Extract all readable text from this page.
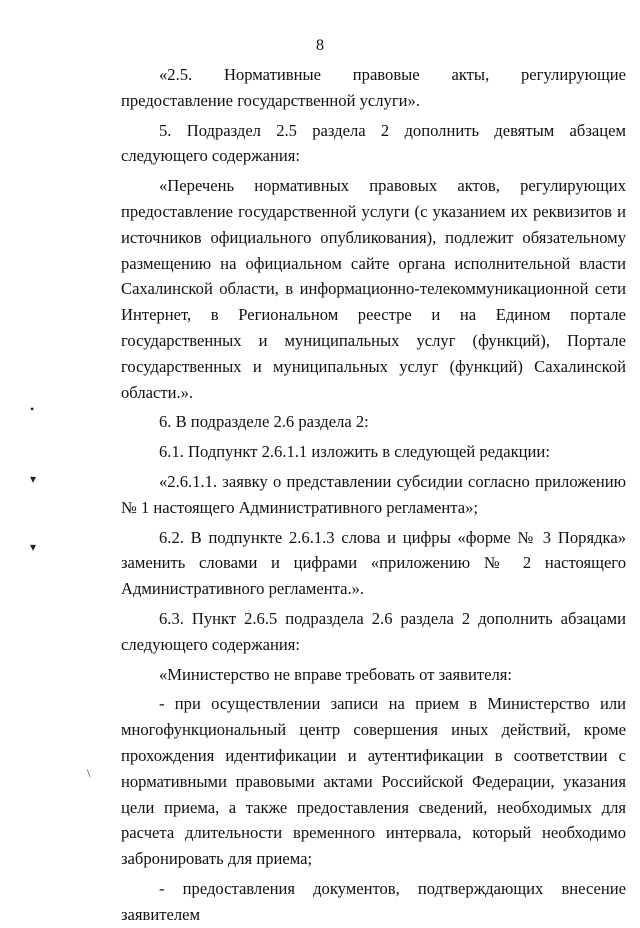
8

«2.5. Нормативные правовые акты, регулирующие предоставление государственной услуги».

5. Подраздел 2.5 раздела 2 дополнить девятым абзацем следующего содержания:

«Перечень нормативных правовых актов, регулирующих предоставление государственной услуги (с указанием их реквизитов и источников официального опубликования), подлежит обязательному размещению на официальном сайте органа исполнительной власти Сахалинской области, в информационно-телекоммуникационной сети Интернет, в Региональном реестре и на Едином портале государственных и муниципальных услуг (функций), Портале государственных и муниципальных услуг (функций) Сахалинской области.».

6. В подразделе 2.6 раздела 2:

6.1. Подпункт 2.6.1.1 изложить в следующей редакции:

«2.6.1.1. заявку о представлении субсидии согласно приложению № 1 настоящего Административного регламента»;

6.2. В подпункте 2.6.1.3 слова и цифры «форме № 3 Порядка» заменить словами и цифрами «приложению № 2 настоящего Административного регламента.».

6.3. Пункт 2.6.5 подраздела 2.6 раздела 2 дополнить абзацами следующего содержания:

«Министерство не вправе требовать от заявителя:

- при осуществлении записи на прием в Министерство или многофункциональный центр совершения иных действий, кроме прохождения идентификации и аутентификации в соответствии с нормативными правовыми актами Российской Федерации, указания цели приема, а также предоставления сведений, необходимых для расчета длительности временного интервала, который необходимо забронировать для приема;

- предоставления документов, подтверждающих внесение заявителем

•
▾
▾
\
